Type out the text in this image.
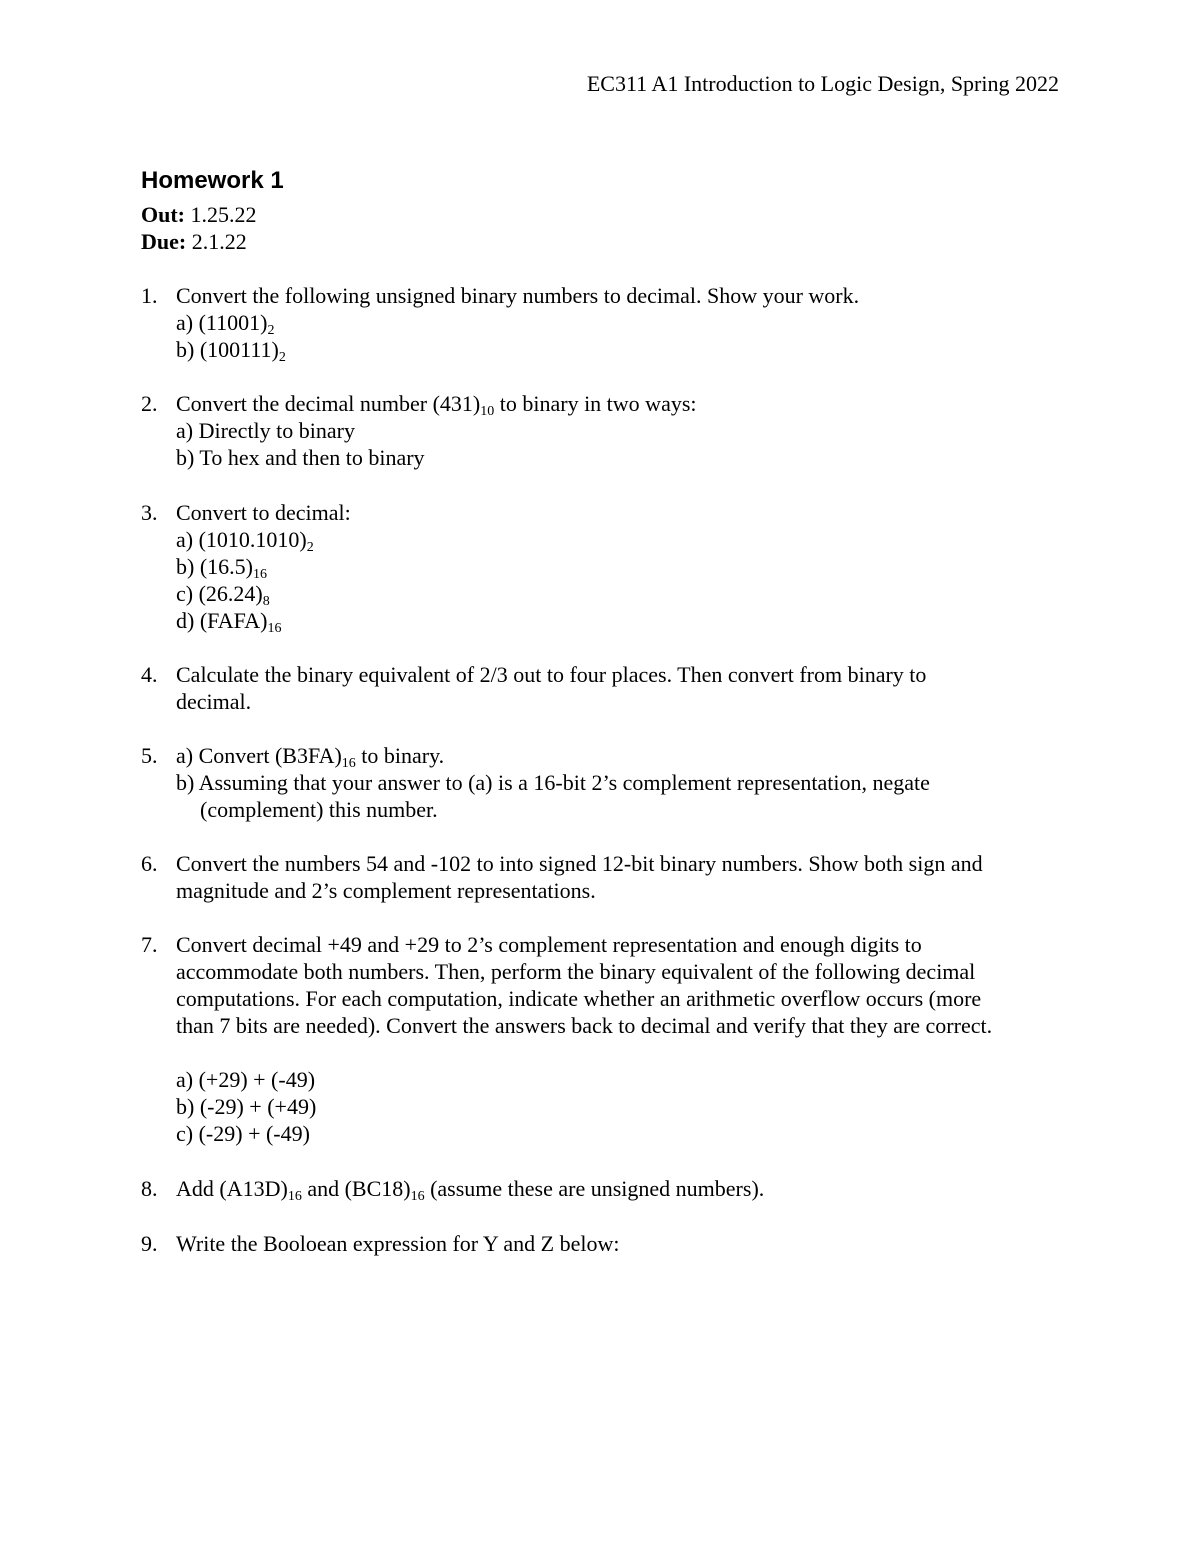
EC311 A1 Introduction to Logic Design, Spring 2022
Homework 1
Out: 1.25.22
Due: 2.1.22
1. Convert the following unsigned binary numbers to decimal. Show your work.
a) $(11001)_2$
b) $(100111)_2$
2. Convert the decimal number $(431)_{10}$ to binary in two ways:
a) Directly to binary
b) To hex and then to binary
3. Convert to decimal:
a) $(1010.1010)_2$
b) $(16.5)_{16}$
c) $(26.24)_8$
d) $(FAFA)_{16}$
4. Calculate the binary equivalent of 2/3 out to four places. Then convert from binary to
decimal.
5. a) Convert $(B3FA)_{16}$ to binary.
b) Assuming that your answer to (a) is a 16-bit 2’s complement representation, negate
(complement) this number.
6. Convert the numbers 54 and -102 to into signed 12-bit binary numbers. Show both sign and
magnitude and 2’s complement representations.
7. Convert decimal +49 and +29 to 2’s complement representation and enough digits to
accommodate both numbers. Then, perform the binary equivalent of the following decimal
computations. For each computation, indicate whether an arithmetic overflow occurs (more
than 7 bits are needed). Convert the answers back to decimal and verify that they are correct.
a) (+29) + (-49)
b) (-29) + (+49)
c) (-29) + (-49)
8. Add $(A13D)_{16}$ and $(BC18)_{16}$ (assume these are unsigned numbers).
9. Write the Booloean expression for Y and Z below:
